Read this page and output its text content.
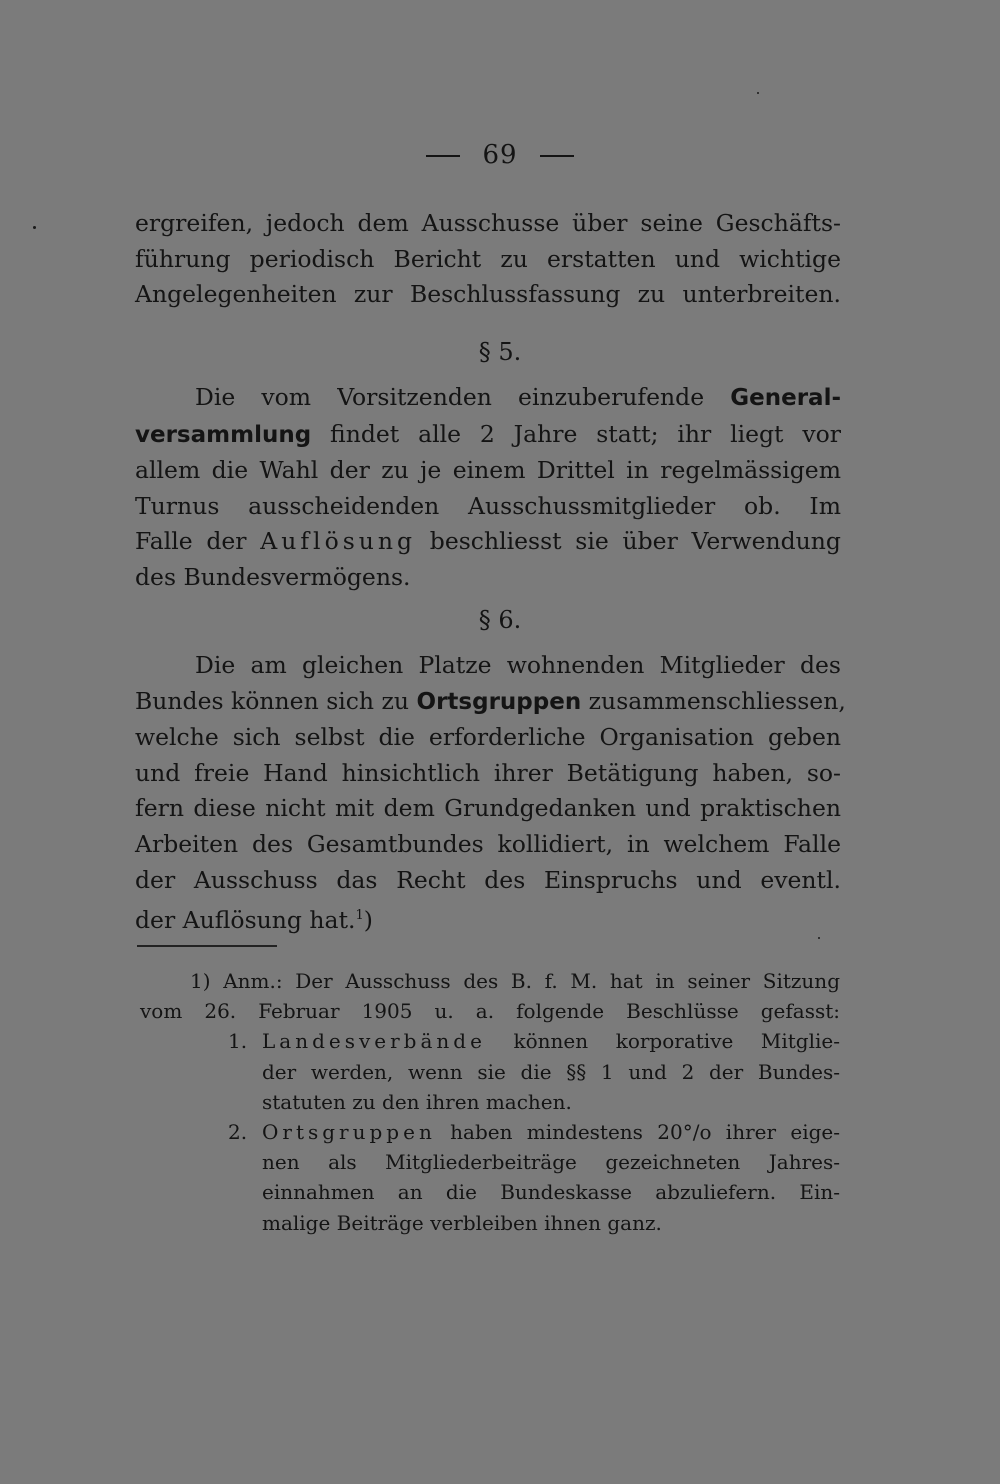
69
ergreifen, jedoch dem Ausschusse über seine Geschäfts-
führung periodisch Bericht zu erstatten und wichtige
Angelegenheiten zur Beschlussfassung zu unterbreiten.
§ 5.
Die vom Vorsitzenden einzuberufende General-
versammlung findet alle 2 Jahre statt; ihr liegt vor
allem die Wahl der zu je einem Drittel in regelmässigem
Turnus ausscheidenden Ausschussmitglieder ob. Im
Falle der Auflösung beschliesst sie über Verwendung
des Bundesvermögens.
§ 6.
Die am gleichen Platze wohnenden Mitglieder des
Bundes können sich zu Ortsgruppen zusammenschliessen,
welche sich selbst die erforderliche Organisation geben
und freie Hand hinsichtlich ihrer Betätigung haben, so-
fern diese nicht mit dem Grundgedanken und praktischen
Arbeiten des Gesamtbundes kollidiert, in welchem Falle
der Ausschuss das Recht des Einspruchs und eventl.
der Auflösung hat.$^1$)
1) Anm.: Der Ausschuss des B. f. M. hat in seiner Sitzung
vom 26. Februar 1905 u. a. folgende Beschlüsse gefasst:
1. Landesverbände können korporative Mitglie-
der werden, wenn sie die §§ 1 und 2 der Bundes-
statuten zu den ihren machen.
2. Ortsgruppen haben mindestens 20°/o ihrer eige-
nen als Mitgliederbeiträge gezeichneten Jahres-
einnahmen an die Bundeskasse abzuliefern. Ein-
malige Beiträge verbleiben ihnen ganz.
